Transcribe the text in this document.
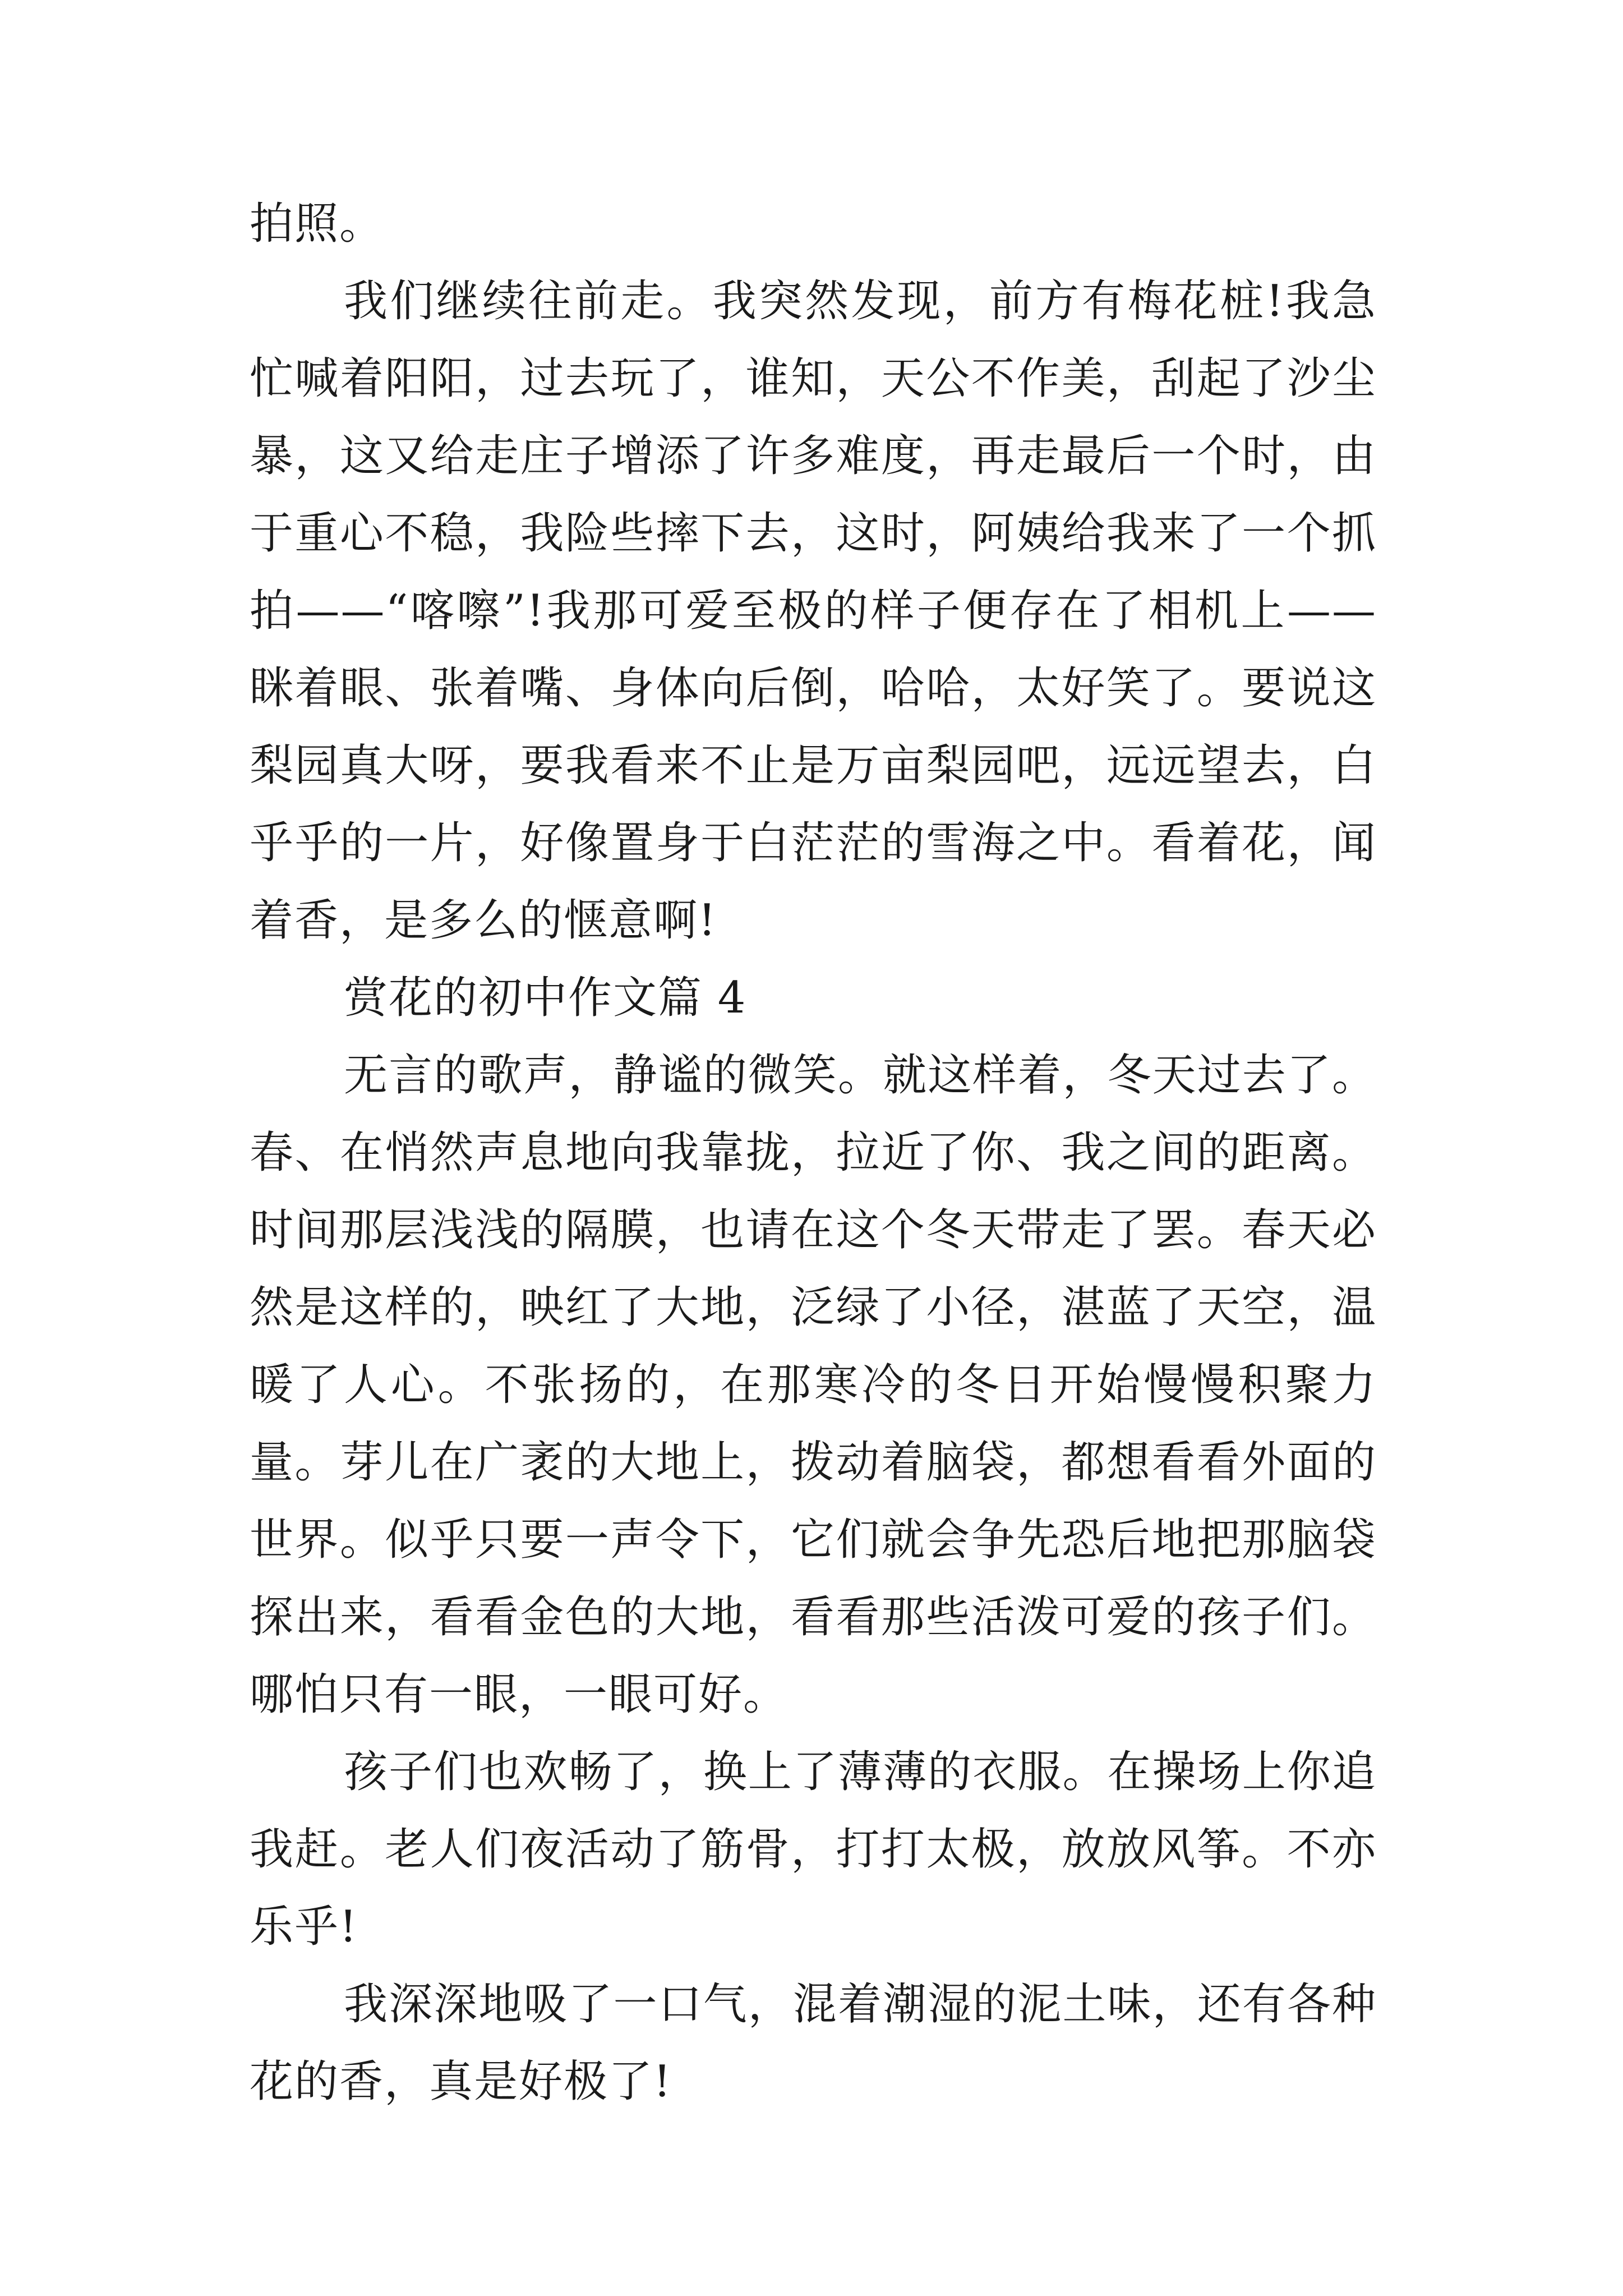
拍照。

我们继续往前走。我突然发现，前方有梅花桩!我急忙喊着阳阳，过去玩了，谁知，天公不作美，刮起了沙尘暴，这又给走庄子增添了许多难度，再走最后一个时，由于重心不稳，我险些摔下去，这时，阿姨给我来了一个抓拍——“喀嚓”!我那可爱至极的样子便存在了相机上——眯着眼、张着嘴、身体向后倒，哈哈，太好笑了。要说这梨园真大呀，要我看来不止是万亩梨园吧，远远望去，白乎乎的一片，好像置身于白茫茫的雪海之中。看着花，闻着香，是多么的惬意啊!

赏花的初中作文篇 4

无言的歌声，静谧的微笑。就这样着，冬天过去了。春、在悄然声息地向我靠拢，拉近了你、我之间的距离。时间那层浅浅的隔膜，也请在这个冬天带走了罢。春天必然是这样的，映红了大地，泛绿了小径，湛蓝了天空，温暖了人心。不张扬的，在那寒冷的冬日开始慢慢积聚力量。芽儿在广袤的大地上，拨动着脑袋，都想看看外面的世界。似乎只要一声令下，它们就会争先恐后地把那脑袋探出来，看看金色的大地，看看那些活泼可爱的孩子们。哪怕只有一眼，一眼可好。

孩子们也欢畅了，换上了薄薄的衣服。在操场上你追我赶。老人们夜活动了筋骨，打打太极，放放风筝。不亦乐乎!

我深深地吸了一口气，混着潮湿的泥土味，还有各种花的香，真是好极了!
